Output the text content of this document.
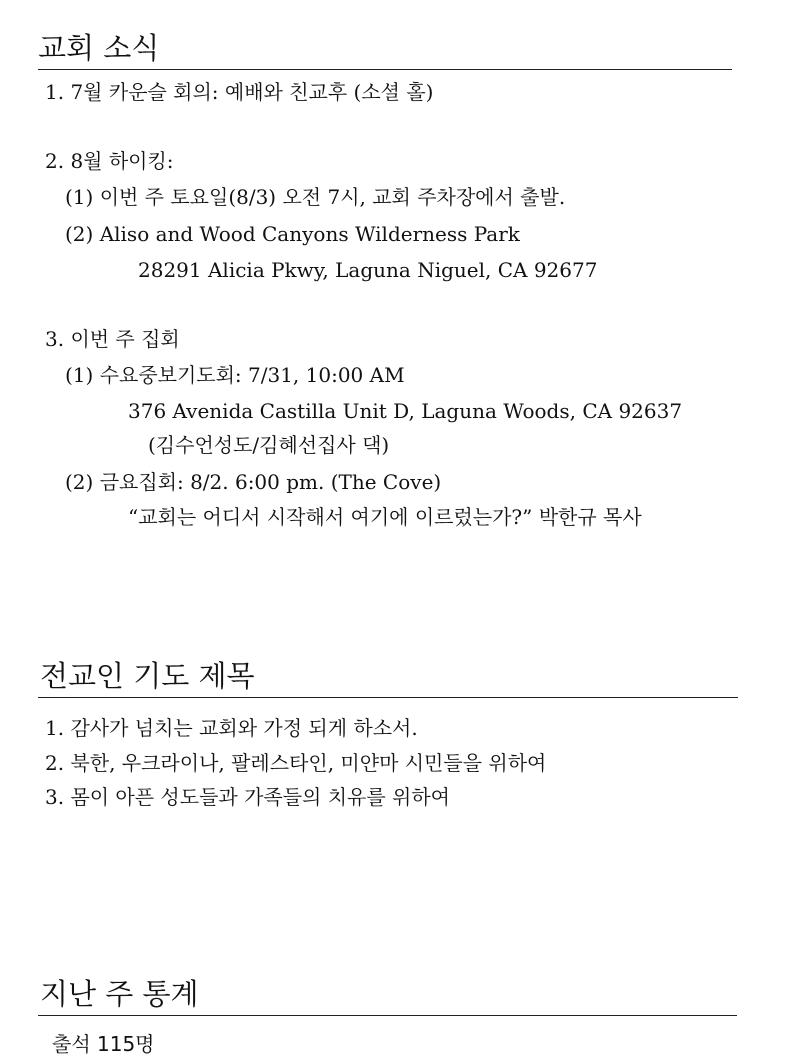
교회 소식
1. 7월 카운슬 회의: 예배와 친교후 (소셜 홀)
2. 8월 하이킹:
(1) 이번 주 토요일(8/3) 오전 7시, 교회 주차장에서 출발.
(2) Aliso and Wood Canyons Wilderness Park
28291 Alicia Pkwy, Laguna Niguel, CA 92677
3. 이번 주 집회
(1) 수요중보기도회: 7/31, 10:00 AM
376 Avenida Castilla Unit D, Laguna Woods, CA 92637
(김수언성도/김혜선집사 댁)
(2) 금요집회: 8/2. 6:00 pm. (The Cove)
“교회는 어디서 시작해서 여기에 이르렀는가?” 박한규 목사
전교인 기도 제목
1. 감사가 넘치는 교회와 가정 되게 하소서.
2. 북한, 우크라이나, 팔레스타인, 미얀마 시민들을 위하여
3. 몸이 아픈 성도들과 가족들의 치유를 위하여
지난 주 통계
출석 115명
